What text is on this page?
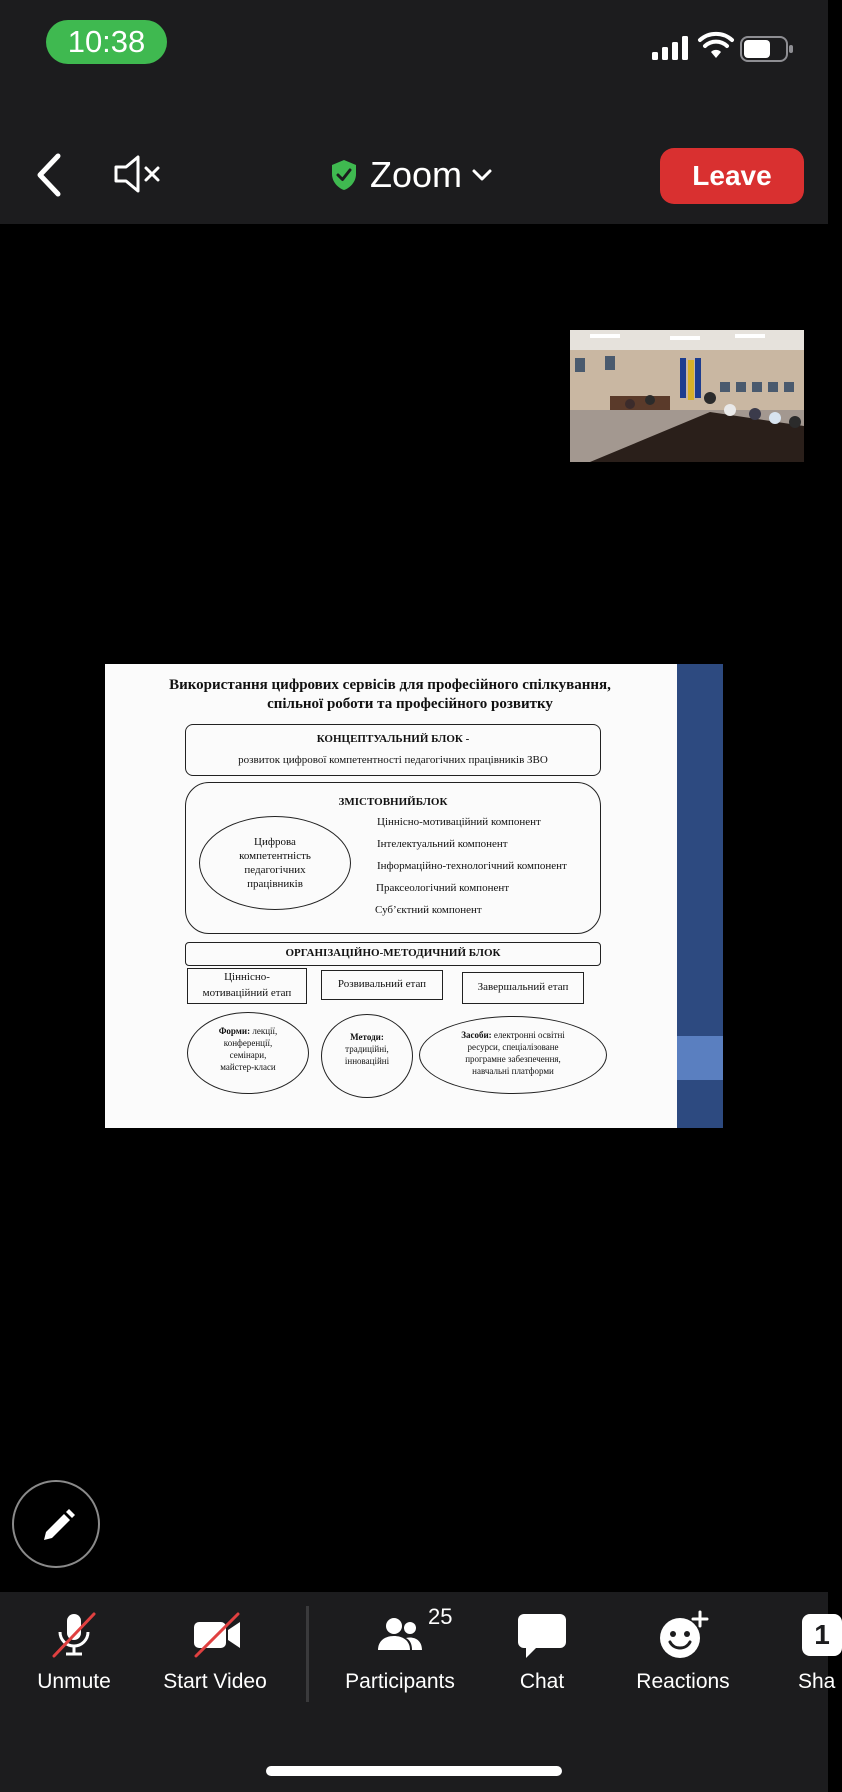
10:38
Zoom	Leave
Використання цифрових сервісів для професійного спілкування,
спільної роботи та професійного розвитку
КОНЦЕПТУАЛЬНИЙ БЛОК -
розвиток цифрової компетентності педагогічних працівників ЗВО
ЗМІСТОВНИЙБЛОК
Цифрова
компетентність
педагогічних
працівників
Ціннісно-мотиваційний компонент
Інтелектуальний компонент
Інформаційно-технологічний компонент
Праксеологічний компонент
Суб’єктний компонент
ОРГАНІЗАЦІЙНО-МЕТОДИЧНИЙ БЛОК
Ціннісно-
мотиваційний етап
Розвивальний етап	Завершальний етап
Форми: лекції,
конференції,
семінари,
майстер-класи
Методи:
традиційні,
інноваційні
Засоби: електронні освітні
ресурси, спеціалізоване
програмне забезпечення,
навчальні платформи
Unmute	Start Video	Participants
25
Chat	Reactions
1
Sha
